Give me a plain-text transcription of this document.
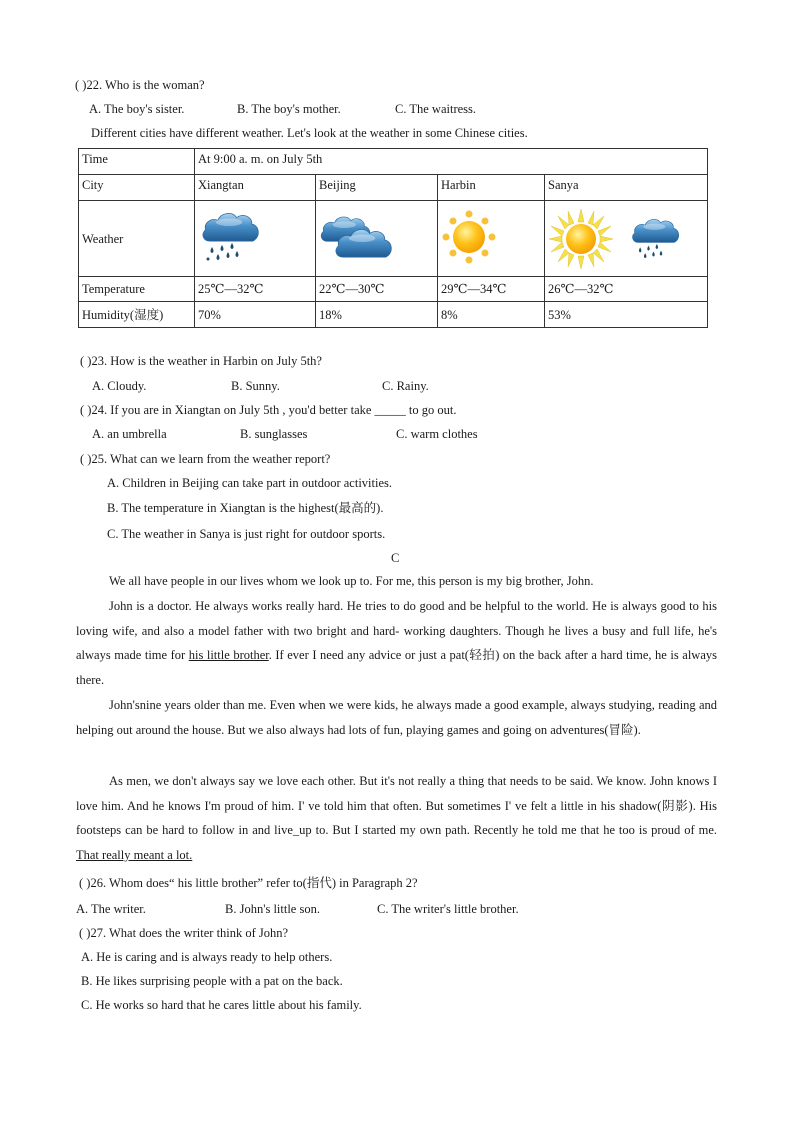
( )22. Who is the woman?
A. The boy's sister.	B. The boy's mother.	C. The waitress.
Different cities have different weather. Let's look at the weather in some Chinese cities.
Time	At 9:00 a. m. on July 5th			
City	Xiangtan	Beijing	Harbin	Sanya
Weather				

Temperature	25℃—32℃	22℃—30℃	29℃—34℃	26℃—32℃
Humidity(湿度)	70%	18%	8%	53%
( )23. How is the weather in Harbin on July 5th?
A. Cloudy.	B. Sunny.	C. Rainy.
( )24. If you are in Xiangtan on July 5th , you'd better take _____ to go out.
A. an umbrella	B. sunglasses	C. warm clothes
( )25. What can we learn from the weather report?
A. Children in Beijing can take part in outdoor activities.
B. The temperature in Xiangtan is the highest(最高的).
C. The weather in Sanya is just right for outdoor sports.
C
We all have people in our lives whom we look up to. For me, this person is my big brother, John.
John is a doctor. He always works really hard. He tries to do good and be helpful to the world. He is always good to his loving wife, and also a model father with two bright and hard- working daughters. Though he lives a busy and full life, he's always made time for his little brother. If ever I need any advice or just a pat(轻拍) on the back after a hard time, he is always there.
John'snine years older than me. Even when we were kids, he always made a good example, always studying, reading and helping out around the house. But we also always had lots of fun, playing games and going on adventures(冒险).
As men, we don't always say we love each other. But it's not really a thing that needs to be said. We know. John knows I love him. And he knows I'm proud of him. I' ve told him that often. But sometimes I' ve felt a little in his shadow(阴影). His footsteps can be hard to follow in and live_up to. But I started my own path. Recently he told me that he too is proud of me. That really meant a lot.
( )26. Whom does“ his little brother” refer to(指代) in Paragraph 2?
A. The writer.	B. John's little son.	C. The writer's little brother.
( )27. What does the writer think of John?
A. He is caring and is always ready to help others.
B. He likes surprising people with a pat on the back.
C. He works so hard that he cares little about his family.
